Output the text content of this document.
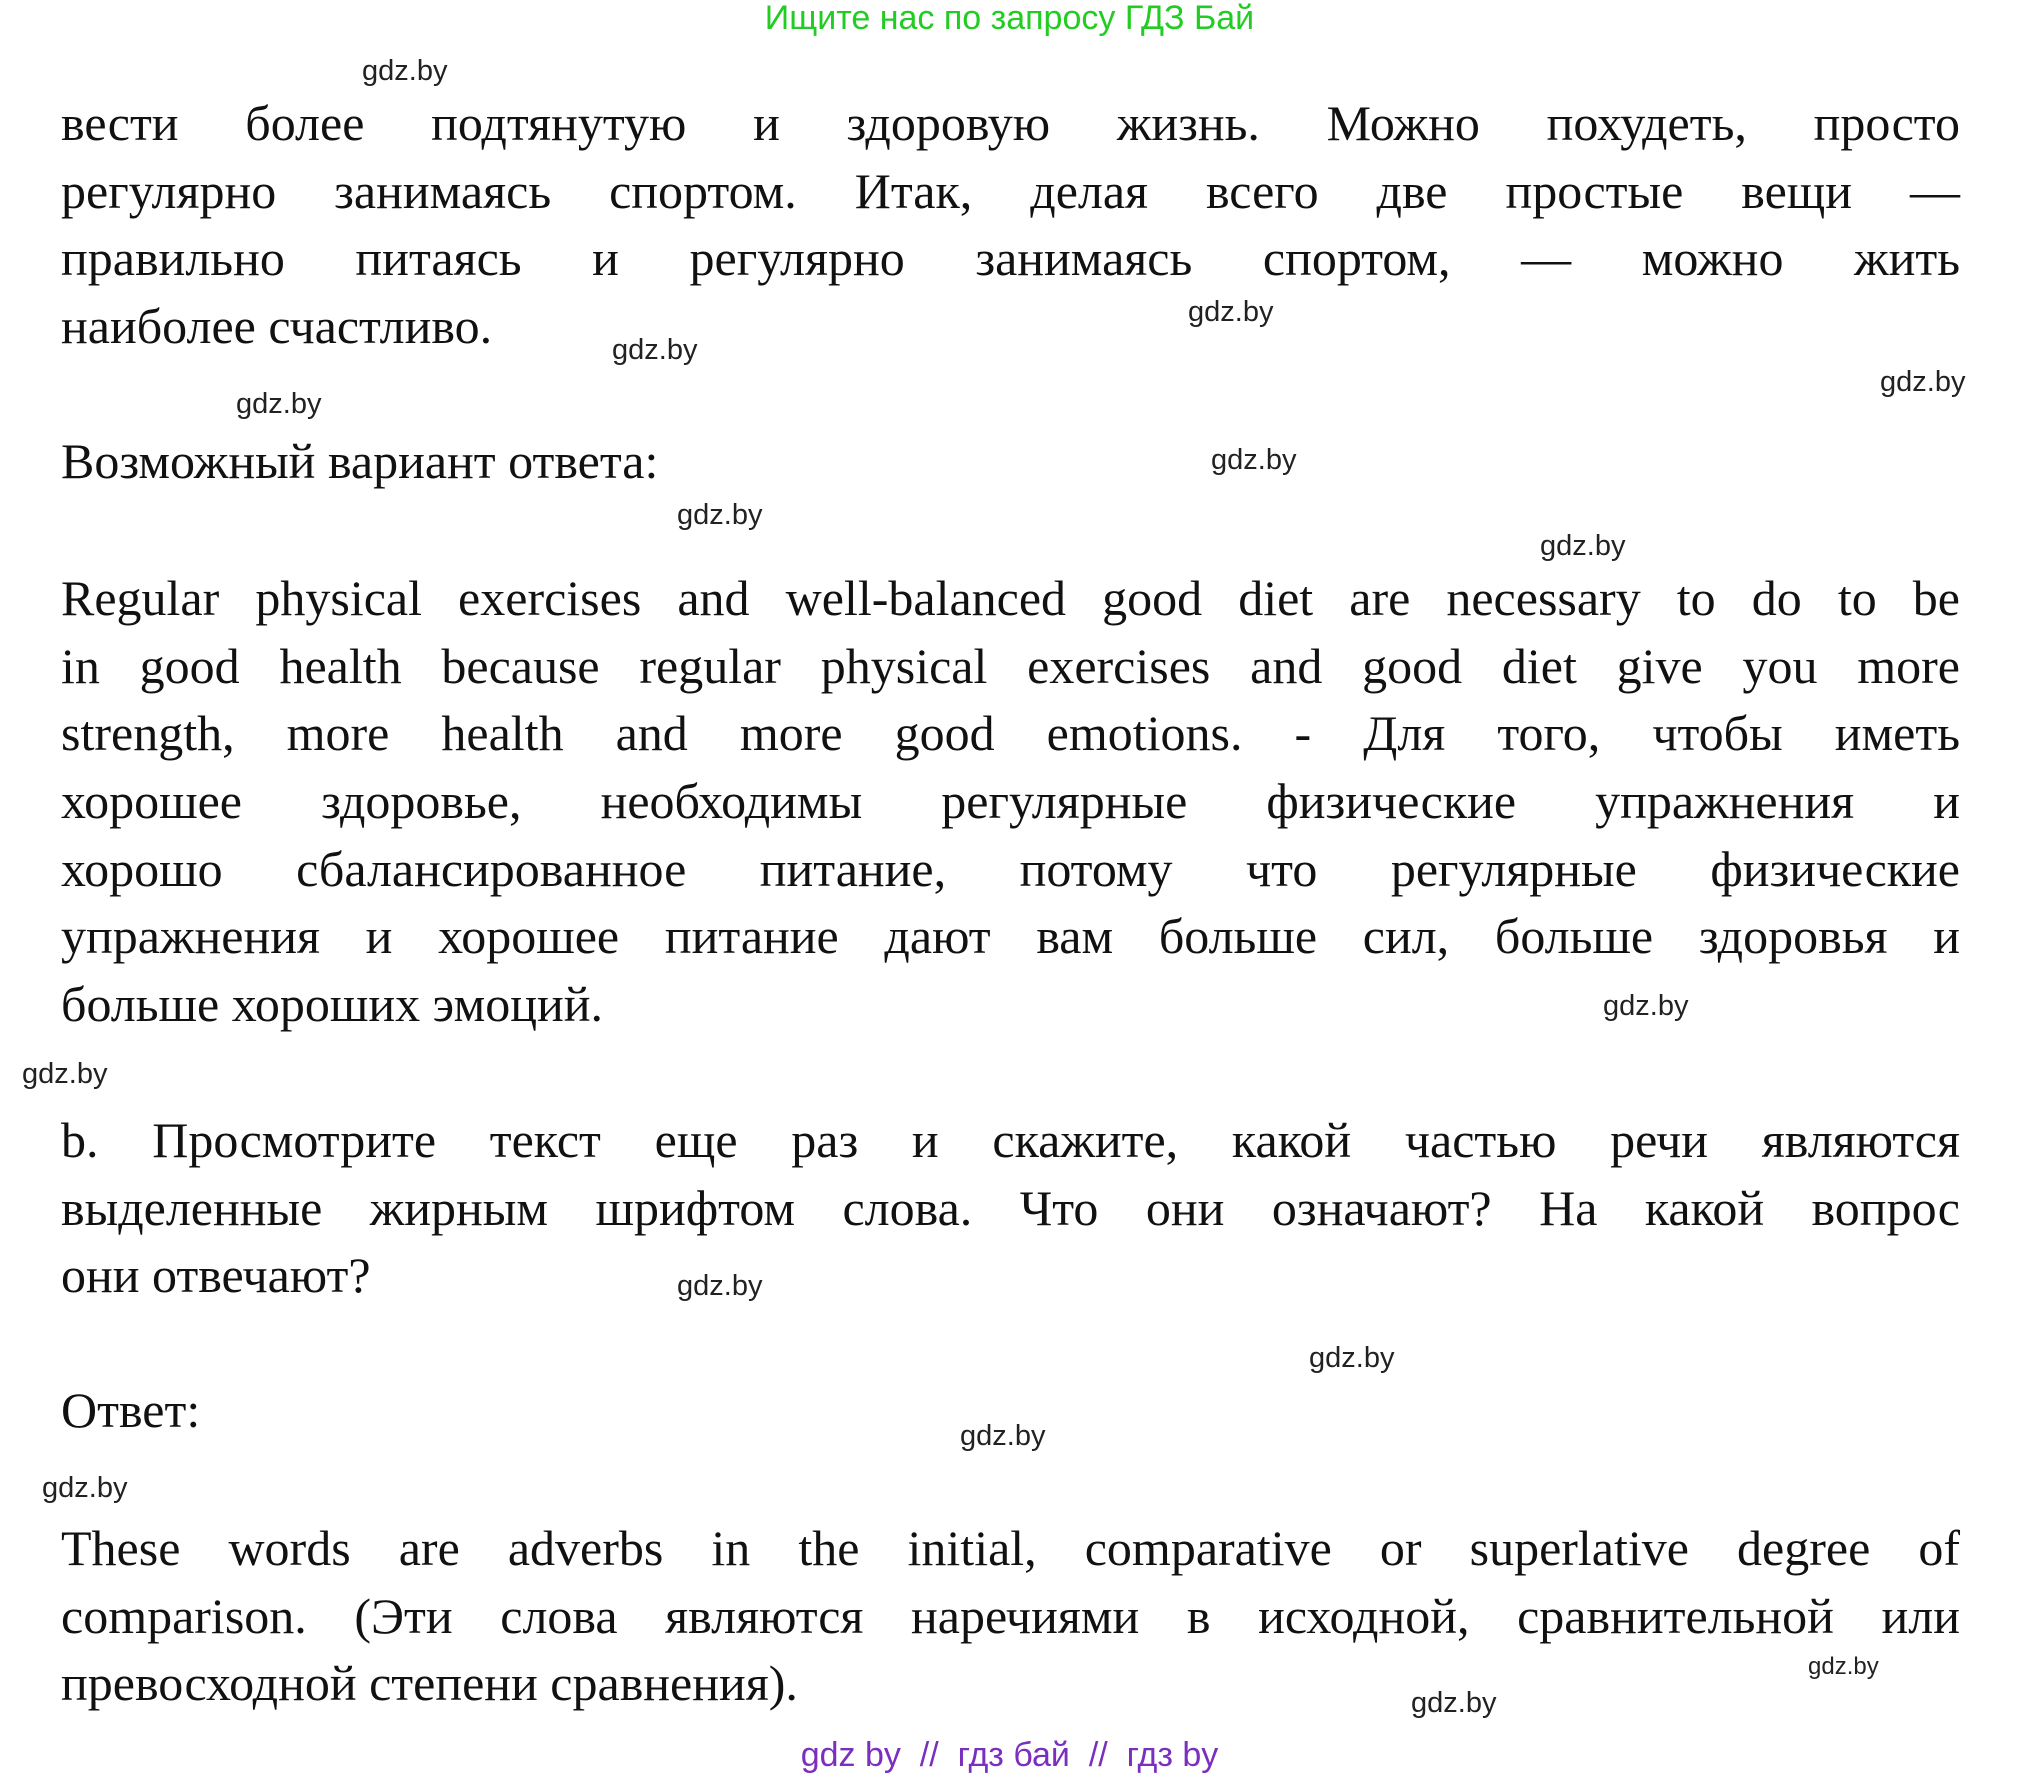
Ищите нас по запросу ГДЗ Бай
вести более подтянутую и здоровую жизнь. Можно похудеть, просто
регулярно занимаясь спортом. Итак, делая всего две простые вещи —
правильно питаясь и регулярно занимаясь спортом, — можно жить
наиболее счастливо.
Возможный вариант ответа:
Regular physical exercises and well-balanced good diet are necessary to do to be
in good health because regular physical exercises and good diet give you more
strength, more health and more good emotions. - Для того, чтобы иметь
хорошее здоровье, необходимы регулярные физические упражнения и
хорошо сбалансированное питание, потому что регулярные физические
упражнения и хорошее питание дают вам больше сил, больше здоровья и
больше хороших эмоций.
b. Просмотрите текст еще раз и скажите, какой частью речи являются
выделенные жирным шрифтом слова. Что они означают? На какой вопрос
они отвечают?
Ответ:
These words are adverbs in the initial, comparative or superlative degree of
comparison. (Эти слова являются наречиями в исходной, сравнительной или
превосходной степени сравнения).
gdz.by
gdz.by
gdz.by
gdz.by
gdz.by
gdz.by
gdz.by
gdz.by
gdz.by
gdz.by
gdz.by
gdz.by
gdz.by
gdz.by
gdz.by
gdz.by
gdz by  //  гдз бай  //  гдз by
